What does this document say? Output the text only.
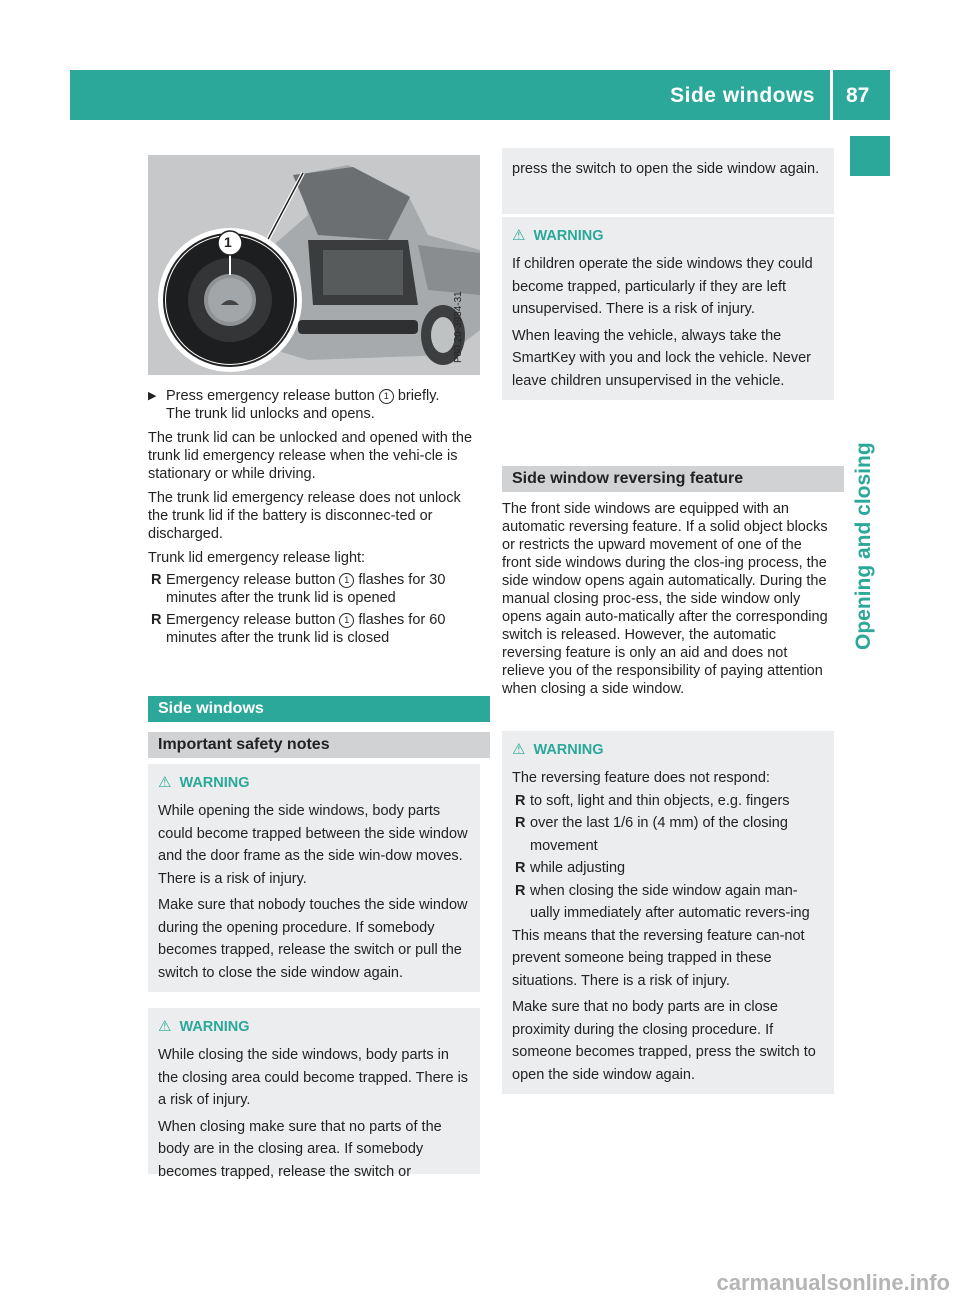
Side windows 87
Opening and closing
1
P80.20-3934-31

▶ Press emergency release button 1 briefly.
The trunk lid unlocks and opens.

The trunk lid can be unlocked and opened with the trunk lid emergency release when the vehi-cle is stationary or while driving.

The trunk lid emergency release does not unlock the trunk lid if the battery is disconnec-ted or discharged.

Trunk lid emergency release light:

R Emergency release button 1 flashes for 30 minutes after the trunk lid is opened

R Emergency release button 1 flashes for 60 minutes after the trunk lid is closed

Side windows
Important safety notes
⚠ WARNING

While opening the side windows, body parts could become trapped between the side window and the door frame as the side win-dow moves. There is a risk of injury.

Make sure that nobody touches the side window during the opening procedure. If somebody becomes trapped, release the switch or pull the switch to close the side window again.

⚠ WARNING

While closing the side windows, body parts in the closing area could become trapped. There is a risk of injury.

When closing make sure that no parts of the body are in the closing area. If somebody becomes trapped, release the switch or

press the switch to open the side window again.

⚠ WARNING

If children operate the side windows they could become trapped, particularly if they are left unsupervised. There is a risk of injury.

When leaving the vehicle, always take the SmartKey with you and lock the vehicle. Never leave children unsupervised in the vehicle.

Side window reversing feature

The front side windows are equipped with an automatic reversing feature. If a solid object blocks or restricts the upward movement of one of the front side windows during the clos-ing process, the side window opens again automatically. During the manual closing proc-ess, the side window only opens again auto-matically after the corresponding switch is released. However, the automatic reversing feature is only an aid and does not relieve you of the responsibility of paying attention when closing a side window.

⚠ WARNING

The reversing feature does not respond:

R to soft, light and thin objects, e.g. fingers

R over the last 1/6 in (4 mm) of the closing movement

R while adjusting

R when closing the side window again man-ually immediately after automatic revers-ing

This means that the reversing feature can-not prevent someone being trapped in these situations. There is a risk of injury.

Make sure that no body parts are in close proximity during the closing procedure. If someone becomes trapped, press the switch to open the side window again.

carmanualsonline.info
